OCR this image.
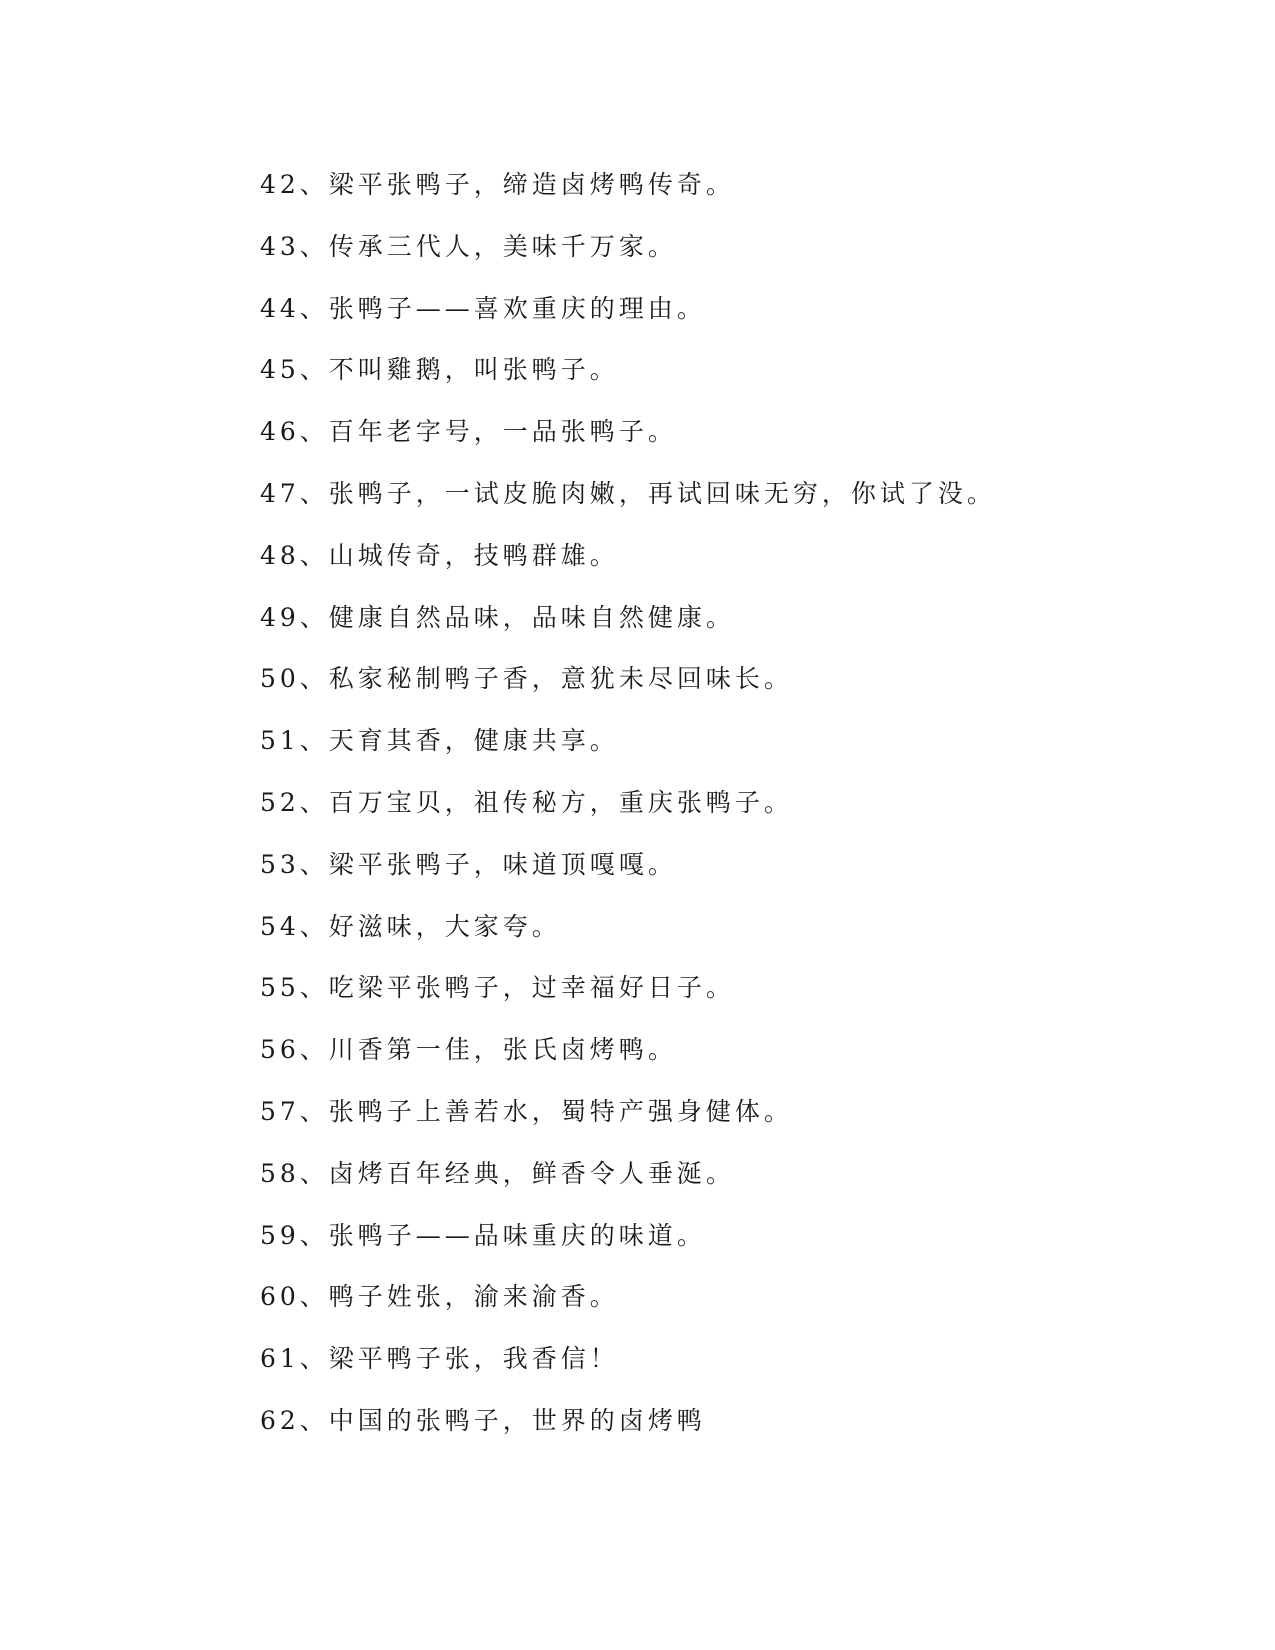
42、梁平张鸭子，缔造卤烤鸭传奇。
43、传承三代人，美味千万家。
44、张鸭子——喜欢重庆的理由。
45、不叫雞鹅，叫张鸭子。
46、百年老字号，一品张鸭子。
47、张鸭子，一试皮脆肉嫩，再试回味无穷，你试了没。
48、山城传奇，技鸭群雄。
49、健康自然品味，品味自然健康。
50、私家秘制鸭子香，意犹未尽回味长。
51、天育其香，健康共享。
52、百万宝贝，祖传秘方，重庆张鸭子。
53、梁平张鸭子，味道顶嘎嘎。
54、好滋味，大家夸。
55、吃梁平张鸭子，过幸福好日子。
56、川香第一佳，张氏卤烤鸭。
57、张鸭子上善若水，蜀特产强身健体。
58、卤烤百年经典，鲜香令人垂涎。
59、张鸭子——品味重庆的味道。
60、鸭子姓张，渝来渝香。
61、梁平鸭子张，我香信！
62、中国的张鸭子，世界的卤烤鸭
